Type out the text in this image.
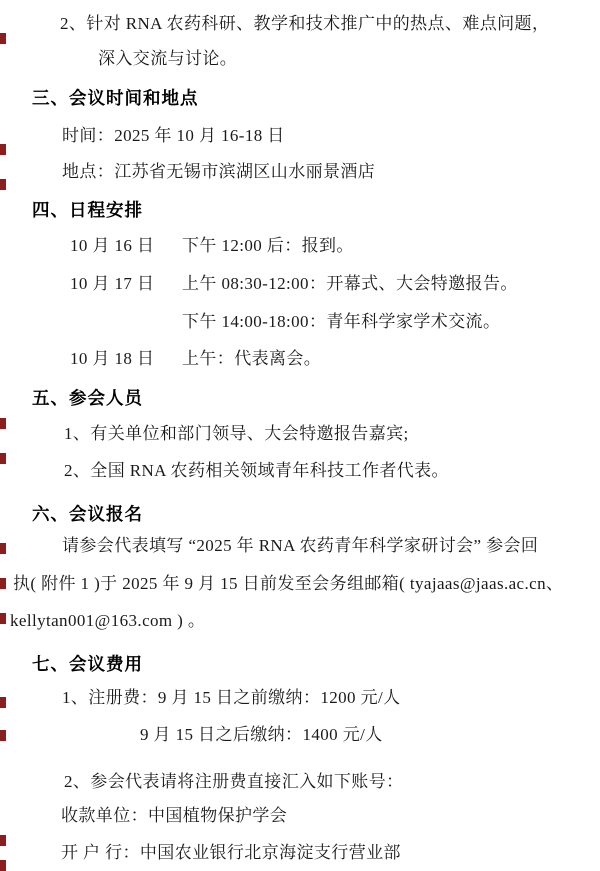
2、针对 RNA 农药科研、教学和技术推广中的热点、难点问题，
深入交流与讨论。
三、会议时间和地点
时间：2025 年 10 月 16-18 日
地点：江苏省无锡市滨湖区山水丽景酒店
四、日程安排
10 月 16 日 下午 12:00 后：报到。
10 月 17 日 上午 08:30-12:00：开幕式、大会特邀报告。
下午 14:00-18:00：青年科学家学术交流。
10 月 18 日 上午：代表离会。
五、参会人员
1、有关单位和部门领导、大会特邀报告嘉宾;
2、全国 RNA 农药相关领域青年科技工作者代表。
六、会议报名
请参会代表填写 “2025 年 RNA 农药青年科学家研讨会” 参会回
执( 附件 1 )于 2025 年 9 月 15 日前发至会务组邮箱( tyajaas@jaas.ac.cn、
kellytan001@163.com ) 。
七、会议费用
1、注册费：9 月 15 日之前缴纳：1200 元/人
9 月 15 日之后缴纳：1400 元/人
2、参会代表请将注册费直接汇入如下账号：
收款单位：中国植物保护学会
开 户 行：中国农业银行北京海淀支行营业部
